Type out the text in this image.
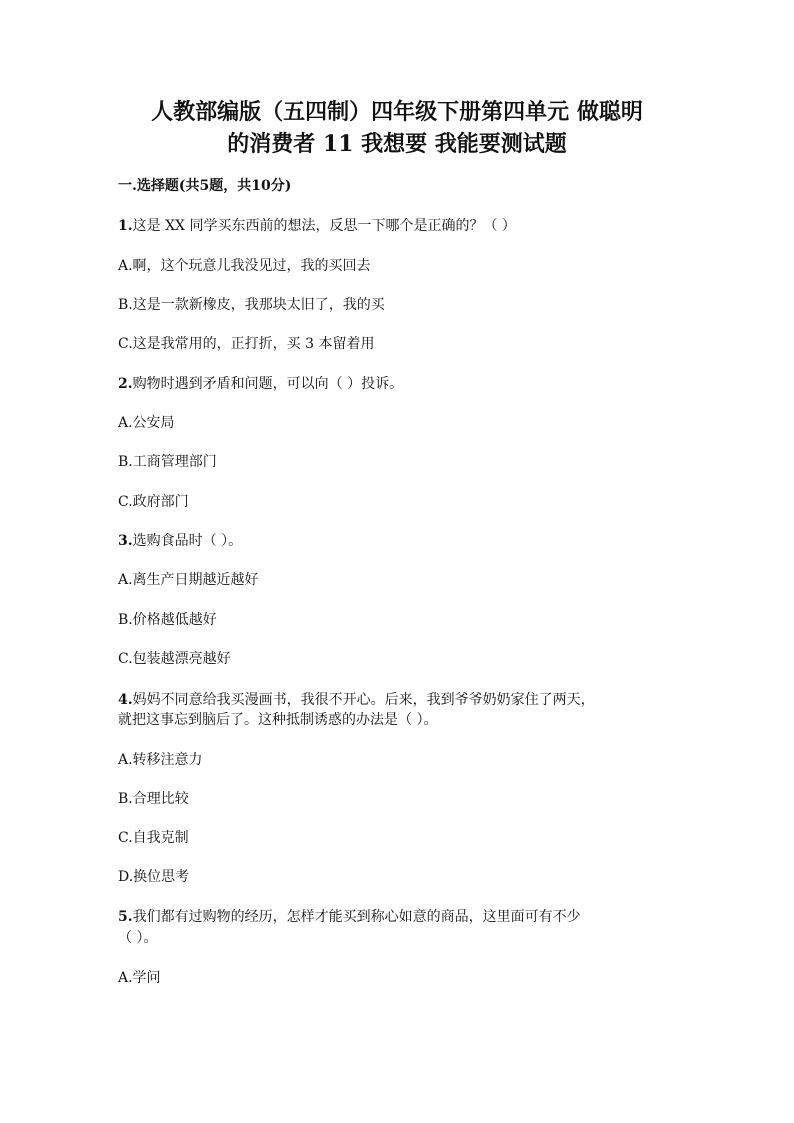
人教部编版（五四制）四年级下册第四单元 做聪明
的消费者 11 我想要 我能要测试题

一.选择题(共5题，共10分)

1.这是 XX 同学买东西前的想法，反思一下哪个是正确的？（ ）

A.啊，这个玩意儿我没见过，我的买回去

B.这是一款新橡皮，我那块太旧了，我的买

C.这是我常用的，正打折，买 3 本留着用

2.购物时遇到矛盾和问题，可以向（ ）投诉。

A.公安局

B.工商管理部门

C.政府部门

3.选购食品时（ ）。

A.离生产日期越近越好

B.价格越低越好

C.包装越漂亮越好

4.妈妈不同意给我买漫画书，我很不开心。后来，我到爷爷奶奶家住了两天，

就把这事忘到脑后了。这种抵制诱惑的办法是（ ）。

A.转移注意力

B.合理比较

C.自我克制

D.换位思考

5.我们都有过购物的经历，怎样才能买到称心如意的商品，这里面可有不少

（ ）。

A.学问
